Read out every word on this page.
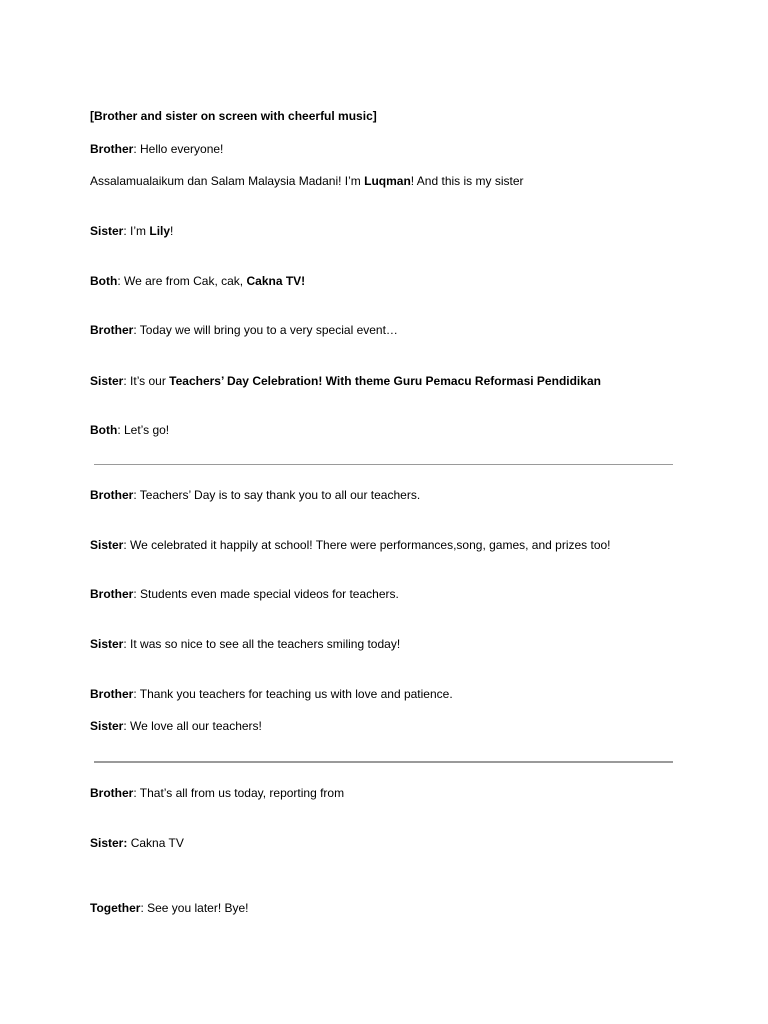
[Brother and sister on screen with cheerful music]
Brother: Hello everyone!
Assalamualaikum dan Salam Malaysia Madani! I’m Luqman! And this is my sister
Sister: I’m Lily!
Both: We are from Cak, cak, Cakna TV!
Brother: Today we will bring you to a very special event…
Sister: It’s our Teachers’ Day Celebration! With theme Guru Pemacu Reformasi Pendidikan
Both: Let’s go!
Brother: Teachers’ Day is to say thank you to all our teachers.
Sister: We celebrated it happily at school! There were performances,song, games, and prizes too!
Brother: Students even made special videos for teachers.
Sister: It was so nice to see all the teachers smiling today!
Brother: Thank you teachers for teaching us with love and patience.
Sister: We love all our teachers!
Brother: That’s all from us today, reporting from
Sister: Cakna TV
Together: See you later! Bye!
